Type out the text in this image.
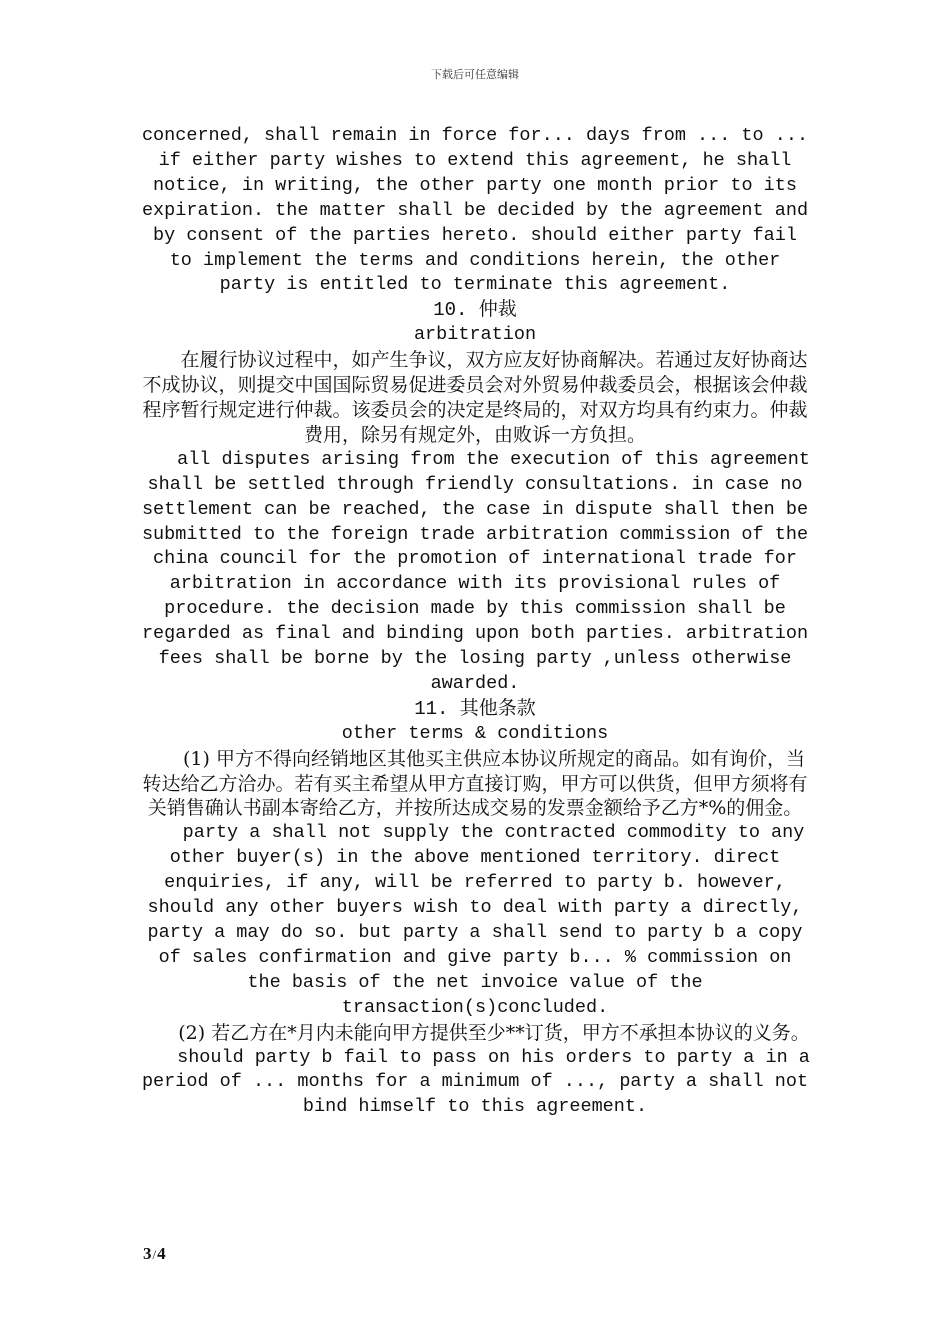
下载后可任意编辑

concerned, shall remain in force for... days from ... to ... if either party wishes to extend this agreement, he shall notice, in writing, the other party one month prior to its expiration. the matter shall be decided by the agreement and by consent of the parties hereto. should either party fail to implement the terms and conditions herein, the other party is entitled to terminate this agreement.

10. 仲裁

arbitration

在履行协议过程中，如产生争议，双方应友好协商解决。若通过友好协商达不成协议，则提交中国国际贸易促进委员会对外贸易仲裁委员会，根据该会仲裁程序暂行规定进行仲裁。该委员会的决定是终局的，对双方均具有约束力。仲裁费用，除另有规定外，由败诉一方负担。

all disputes arising from the execution of this agreement shall be settled through friendly consultations. in case no settlement can be reached, the case in dispute shall then be submitted to the foreign trade arbitration commission of the china council for the promotion of international trade for arbitration in accordance with its provisional rules of procedure. the decision made by this commission shall be regarded as final and binding upon both parties. arbitration fees shall be borne by the losing party ,unless otherwise awarded.

11. 其他条款

other terms & conditions

(1) 甲方不得向经销地区其他买主供应本协议所规定的商品。如有询价，当转达给乙方洽办。若有买主希望从甲方直接订购，甲方可以供货，但甲方须将有关销售确认书副本寄给乙方，并按所达成交易的发票金额给予乙方*%的佣金。

party a shall not supply the contracted commodity to any other buyer(s) in the above mentioned territory. direct enquiries, if any, will be referred to party b. however, should any other buyers wish to deal with party a directly, party a may do so. but party a shall send to party b a copy of sales confirmation and give party b... % commission on the basis of the net invoice value of the transaction(s)concluded.

(2) 若乙方在*月内未能向甲方提供至少**订货，甲方不承担本协议的义务。

should party b fail to pass on his orders to party a in a period of ... months for a minimum of ..., party a shall not bind himself to this agreement.

3/4
